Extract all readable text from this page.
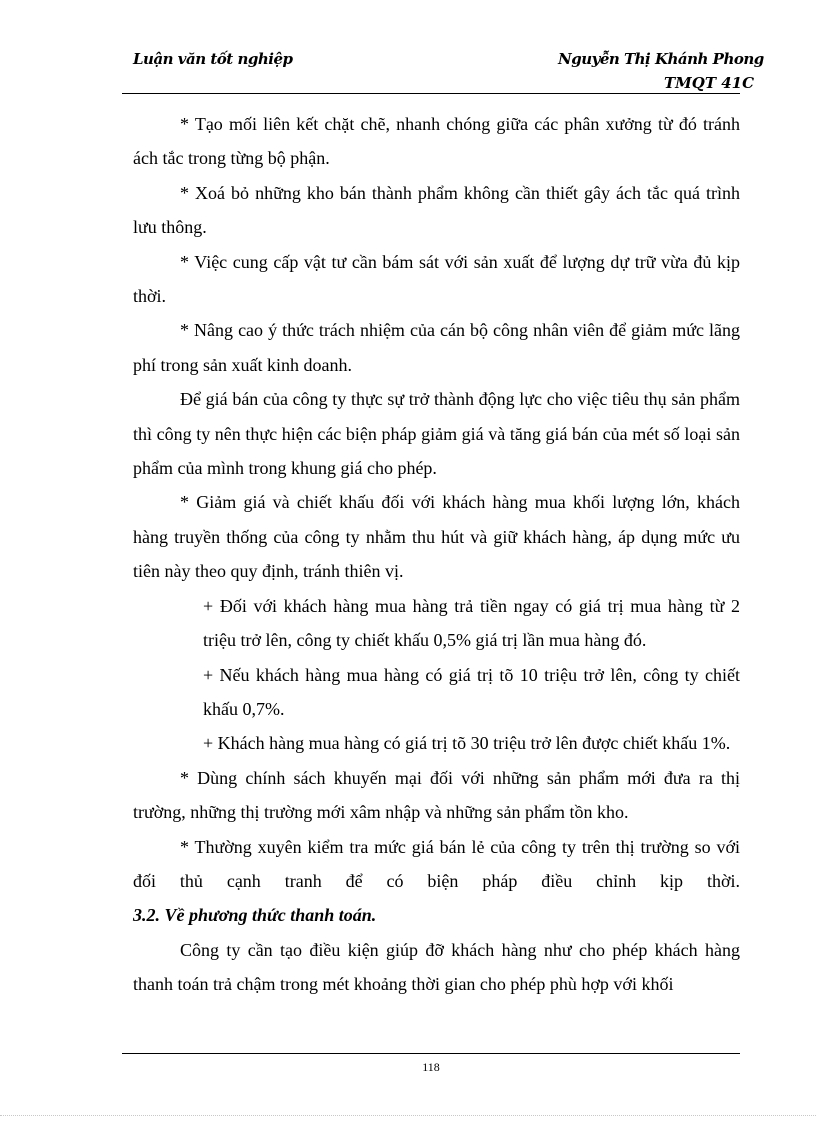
Luận văn tốt nghiệp	Nguyễn Thị Khánh Phong
TMQT 41C

* Tạo mối liên kết chặt chẽ, nhanh chóng giữa các phân xưởng từ đó tránh ách tắc trong từng bộ phận.

* Xoá bỏ những kho bán thành phẩm không cần thiết gây ách tắc quá trình lưu thông.

* Việc cung cấp vật tư cần bám sát với sản xuất để lượng dự trữ vừa đủ kịp thời.

* Nâng cao ý thức trách nhiệm của cán bộ công nhân viên để giảm mức lãng phí trong sản xuất kinh doanh.

Để giá bán của công ty thực sự trở thành động lực cho việc tiêu thụ sản phẩm thì công ty nên thực hiện các biện pháp giảm giá và tăng giá bán của mét số loại sản phẩm của mình trong khung giá cho phép.

* Giảm giá và chiết khấu đối với khách hàng mua khối lượng lớn, khách hàng truyền thống của công ty nhằm thu hút và giữ khách hàng, áp dụng mức ưu tiên này theo quy định, tránh thiên vị.

+ Đối với khách hàng mua hàng trả tiền ngay có giá trị mua hàng từ 2 triệu trở lên, công ty chiết khấu 0,5% giá trị lần mua hàng đó.

+ Nếu khách hàng mua hàng có giá trị tõ 10 triệu trở lên, công ty chiết khấu 0,7%.

+ Khách hàng mua hàng có giá trị tõ 30 triệu trở lên được chiết khấu 1%.

* Dùng chính sách khuyến mại đối với những sản phẩm mới đưa ra thị trường, những thị trường mới xâm nhập và những sản phẩm tồn kho.

* Thường xuyên kiểm tra mức giá bán lẻ của công ty trên thị trường so với đối thủ cạnh tranh để có biện pháp điều chỉnh kịp thời.

3.2. Về phương thức thanh toán.

Công ty cần tạo điều kiện giúp đỡ khách hàng như cho phép khách hàng thanh toán trả chậm trong mét khoảng thời gian cho phép phù hợp với khối

118
